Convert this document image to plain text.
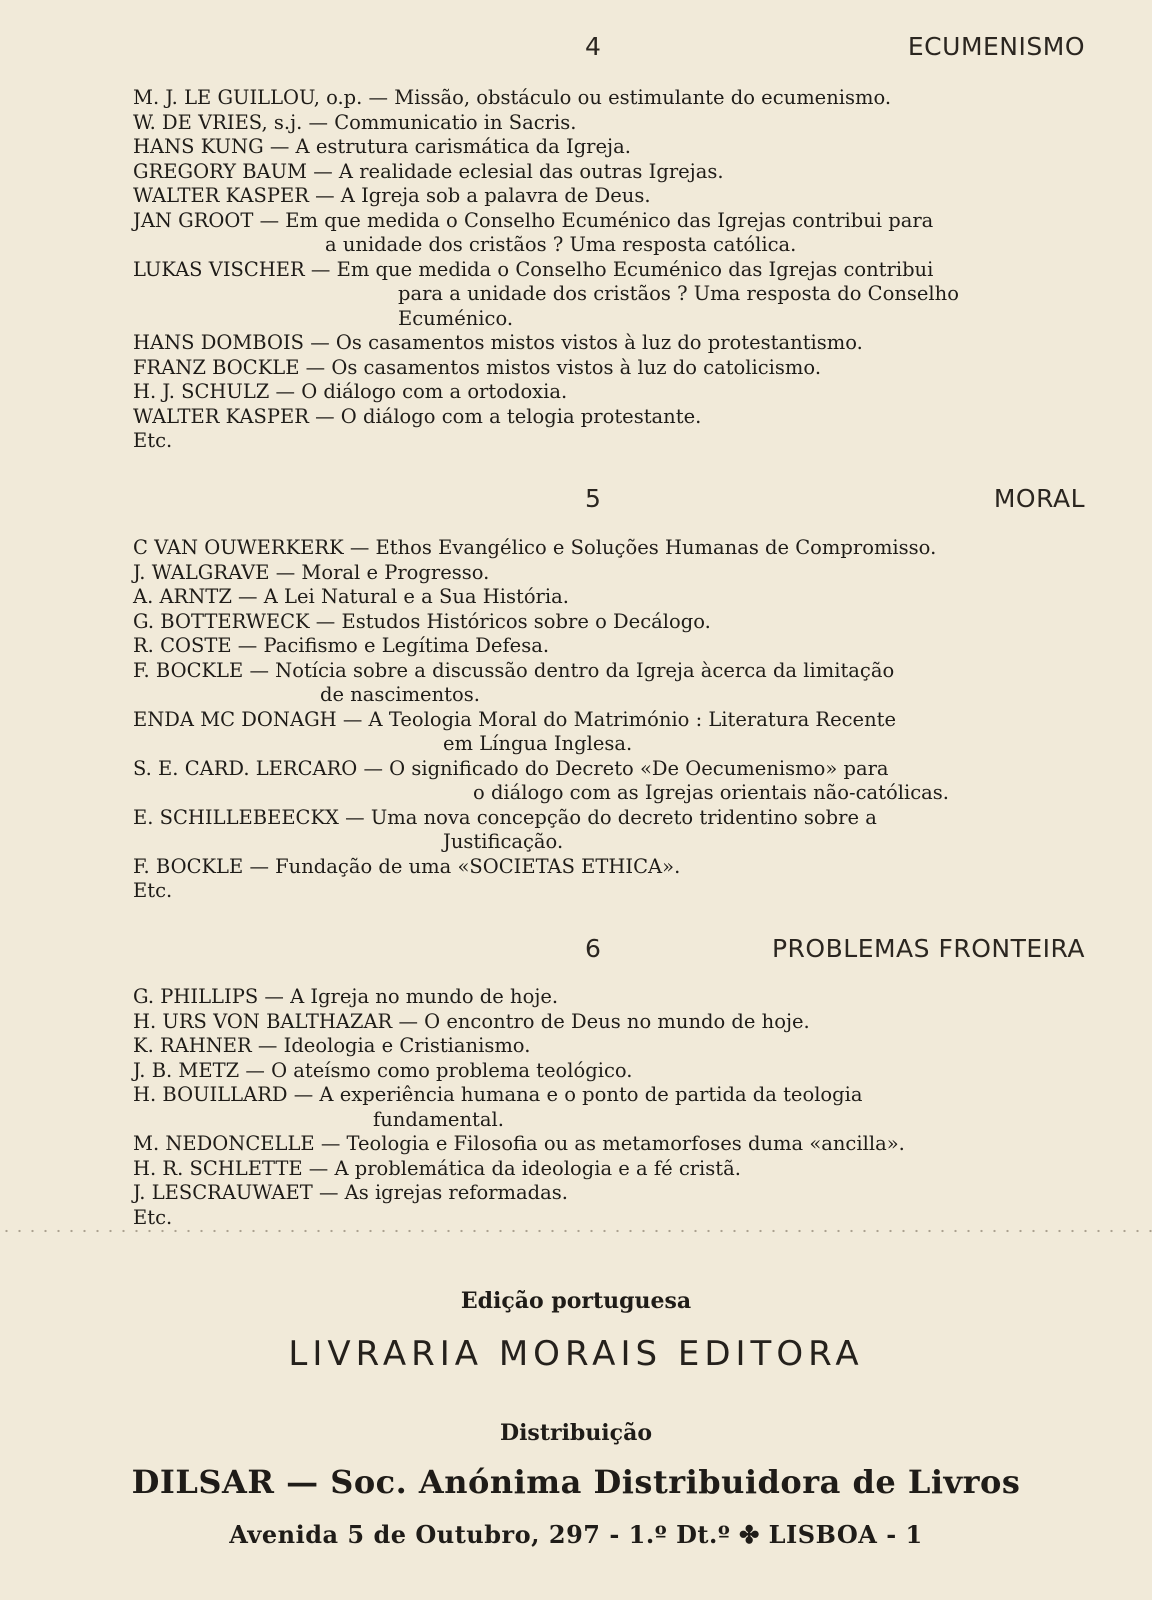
4	ECUMENISMO
M. J. LE GUILLOU, o.p. — Missão, obstáculo ou estimulante do ecumenismo.
W. DE VRIES, s.j. — Communicatio in Sacris.
HANS KUNG — A estrutura carismática da Igreja.
GREGORY BAUM — A realidade eclesial das outras Igrejas.
WALTER KASPER — A Igreja sob a palavra de Deus.
JAN GROOT — Em que medida o Conselho Ecuménico das Igrejas contribui para
a unidade dos cristãos ? Uma resposta católica.
LUKAS VISCHER — Em que medida o Conselho Ecuménico das Igrejas contribui
para a unidade dos cristãos ? Uma resposta do Conselho
Ecuménico.
HANS DOMBOIS — Os casamentos mistos vistos à luz do protestantismo.
FRANZ BOCKLE — Os casamentos mistos vistos à luz do catolicismo.
H. J. SCHULZ — O diálogo com a ortodoxia.
WALTER KASPER — O diálogo com a telogia protestante.
Etc.
5	MORAL
C VAN OUWERKERK — Ethos Evangélico e Soluções Humanas de Compromisso.
J. WALGRAVE — Moral e Progresso.
A. ARNTZ — A Lei Natural e a Sua História.
G. BOTTERWECK — Estudos Históricos sobre o Decálogo.
R. COSTE — Pacifismo e Legítima Defesa.
F. BOCKLE — Notícia sobre a discussão dentro da Igreja àcerca da limitação
de nascimentos.
ENDA MC DONAGH — A Teologia Moral do Matrimónio : Literatura Recente
em Língua Inglesa.
S. E. CARD. LERCARO — O significado do Decreto «De Oecumenismo» para
o diálogo com as Igrejas orientais não-católicas.
E. SCHILLEBEECKX — Uma nova concepção do decreto tridentino sobre a
Justificação.
F. BOCKLE — Fundação de uma «SOCIETAS ETHICA».
Etc.
6	PROBLEMAS FRONTEIRA
G. PHILLIPS — A Igreja no mundo de hoje.
H. URS VON BALTHAZAR — O encontro de Deus no mundo de hoje.
K. RAHNER — Ideologia e Cristianismo.
J. B. METZ — O ateísmo como problema teológico.
H. BOUILLARD — A experiência humana e o ponto de partida da teologia
fundamental.
M. NEDONCELLE — Teologia e Filosofia ou as metamorfoses duma «ancilla».
H. R. SCHLETTE — A problemática da ideologia e a fé cristã.
J. LESCRAUWAET — As igrejas reformadas.
Etc.
Edição portuguesa
LIVRARIA MORAIS EDITORA
Distribuição
DILSAR — Soc. Anónima Distribuidora de Livros
Avenida 5 de Outubro, 297 - 1.º Dt.º ✤ LISBOA - 1
